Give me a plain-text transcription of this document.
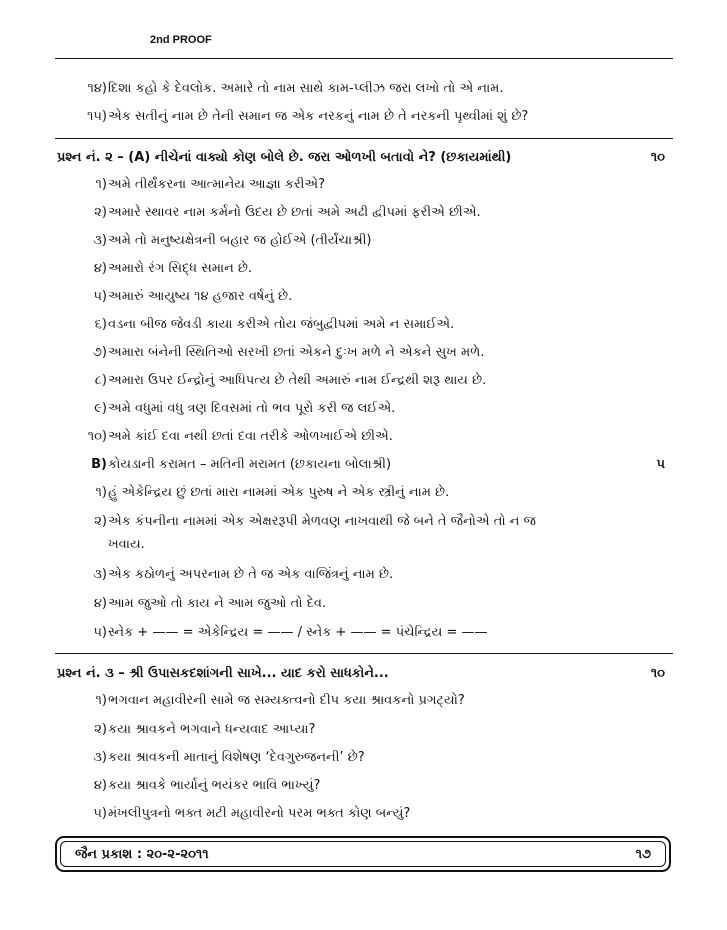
2nd PROOF
૧૪) દિશા કહો કે દેવલોક. અમારે તો નામ સાથે કામ-પ્લીઝ જરા લખો તો એ નામ.
૧૫) એક સતીનું નામ છે તેની સમાન જ એક નરકનું નામ છે તે નરકની પૃથ્વીમાં શું છે?
પ્રશ્ન નં. ૨ – (A) નીચેનાં વાક્યો કોણ બોલે છે. જરા ઓળખી બતાવો ને? (છકાયમાંથી)	૧૦
૧) અમે તીર્થંકરના આત્માનેય આજ્ઞા કરીએ?
૨) અમારે સ્થાવર નામ કર્મનો ઉદય છે છતાં અમે અઢી દ્વીપમાં ફરીએ છીએ.
૩) અમે તો મનુષ્યક્ષેત્રની બહાર જ હોઈએ (તીર્યંચાશ્રી)
૪) અમારો રંગ સિદ્ધ સમાન છે.
૫) અમારું આયુષ્ય ૧૪ હજાર વર્ષનું છે.
૬) વડના બીજ જેવડી કાયા કરીએ તોય જંબુદ્વીપમાં અમે ન સમાઈએ.
૭) અમારા બંનેની સ્થિતિઓ સરખી છતાં એકને દુઃખ મળે ને એકને સુખ મળે.
૮) અમારા ઉપર ઈન્દ્રોનું આધિપત્ય છે તેથી અમારું નામ ઈન્દ્રથી શરૂ થાય છે.
૯) અમે વધુમાં વધુ ત્રણ દિવસમાં તો ભવ પૂરો કરી જ લઈએ.
૧૦) અમે કાંઈ દવા નથી છતાં દવા તરીકે ઓળખાઈએ છીએ.
B) કોયડાની કરામત – મતિની મરામત (છકાયના બોલાશ્રી)	૫
૧) હું એકેન્દ્રિય છું છતાં મારા નામમાં એક પુરુષ ને એક સ્ત્રીનું નામ છે.
૨) એક કંપનીના નામમાં એક એક્ષરરૂપી મેળવણ નાખવાથી જે બને તે જૈનોએ તો ન જ
ખવાય.
૩) એક કઠોળનું અપરનામ છે તે જ એક વાજિંત્રનું નામ છે.
૪) આમ જુઓ તો કાય ને આમ જુઓ તો દેવ.
૫) સ્નેક + —— = એકેન્દ્રિય = —— / સ્નેક + —— = પંચેન્દ્રિય = ——
પ્રશ્ન નં. ૩ – શ્રી ઉપાસકદશાંગની સાખે... યાદ કરો સાધકોને...	૧૦
૧) ભગવાન મહાવીરની સામે જ સમ્યક્ત્વનો દીપ કયા શ્રાવકનો પ્રગટ્યો?
૨) કયા શ્રાવકને ભગવાને ધન્યવાદ આપ્યા?
૩) કયા શ્રાવકની માતાનું વિશેષણ ‘દેવગુરુજનની’ છે?
૪) કયા શ્રાવકે ભાર્યાનું ભયંકર ભાવિ ભાખ્યું?
૫) મંખલીપુત્રનો ભક્ત મટી મહાવીરનો પરમ ભક્ત કોણ બન્યું?
જૈન પ્રકાશ : ૨૦-૨-૨૦૧૧	૧૭
